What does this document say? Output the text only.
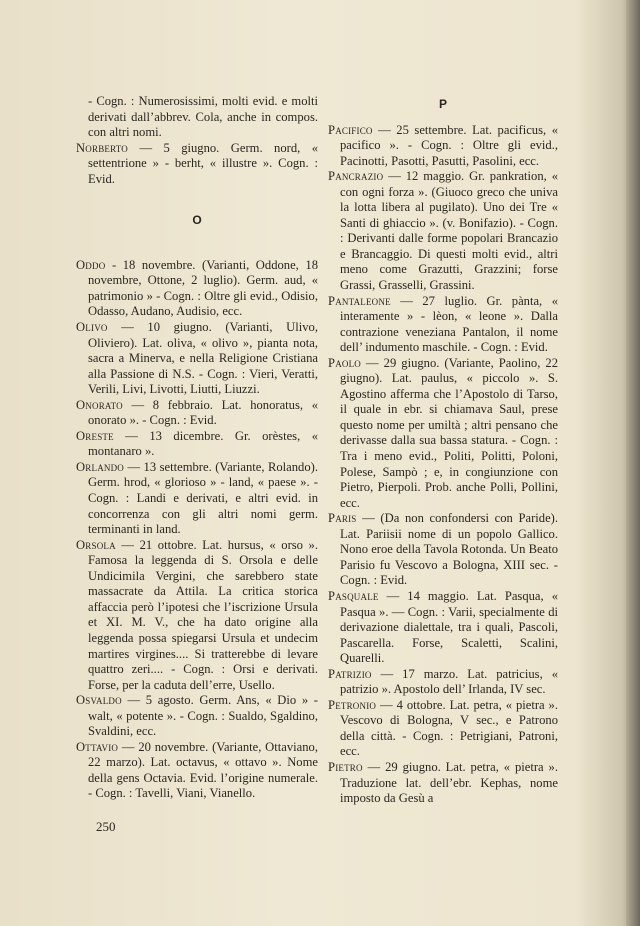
- Cogn. : Numerosissimi, molti evid. e molti derivati dall’abbrev. Cola, anche in compos. con altri nomi.

Norberto — 5 giugno. Germ. nord, « settentrione » - berht, « illustre ». Cogn. : Evid.

O

Oddo - 18 novembre. (Varianti, Oddone, 18 novembre, Ottone, 2 luglio). Germ. aud, « patrimonio » - Cogn. : Oltre gli evid., Odisio, Odasso, Audano, Audisio, ecc.

Olivo — 10 giugno. (Varianti, Ulivo, Oliviero). Lat. oliva, « olivo », pianta nota, sacra a Minerva, e nella Religione Cristiana alla Passione di N.S. - Cogn. : Vieri, Veratti, Verili, Livi, Livotti, Liutti, Liuzzi.

Onorato — 8 febbraio. Lat. honoratus, « onorato ». - Cogn. : Evid.

Oreste — 13 dicembre. Gr. orèstes, « montanaro ».

Orlando — 13 settembre. (Variante, Rolando). Germ. hrod, « glorioso » - land, « paese ». - Cogn. : Landi e derivati, e altri evid. in concorrenza con gli altri nomi germ. terminanti in land.

Orsola — 21 ottobre. Lat. hursus, « orso ». Famosa la leggenda di S. Orsola e delle Undicimila Vergini, che sarebbero state massacrate da Attila. La critica storica affaccia però l’ipotesi che l’iscrizione Ursula et XI. M. V., che ha dato origine alla leggenda possa spiegarsi Ursula et undecim martires virgines.... Si tratterebbe di levare quattro zeri.... - Cogn. : Orsi e derivati. Forse, per la caduta dell’erre, Usello.

Osvaldo — 5 agosto. Germ. Ans, « Dio » - walt, « potente ». - Cogn. : Sualdo, Sgaldino, Svaldini, ecc.

Ottavio — 20 novembre. (Variante, Ottaviano, 22 marzo). Lat. octavus, « ottavo ». Nome della gens Octavia. Evid. l’origine numerale. - Cogn. : Tavelli, Viani, Vianello.

P

Pacifico — 25 settembre. Lat. pacificus, « pacifico ». - Cogn. : Oltre gli evid., Pacinotti, Pasotti, Pasutti, Pasolini, ecc.

Pancrazio — 12 maggio. Gr. pankration, « con ogni forza ». (Giuoco greco che univa la lotta libera al pugilato). Uno dei Tre « Santi di ghiaccio ». (v. Bonifazio). - Cogn. : Derivanti dalle forme popolari Brancazio e Brancaggio. Di questi molti evid., altri meno come Grazutti, Grazzini; forse Grassi, Grasselli, Grassini.

Pantaleone — 27 luglio. Gr. pànta, « interamente » - lèon, « leone ». Dalla contrazione veneziana Pantalon, il nome dell’ indumento maschile. - Cogn. : Evid.

Paolo — 29 giugno. (Variante, Paolino, 22 giugno). Lat. paulus, « piccolo ». S. Agostino afferma che l’Apostolo di Tarso, il quale in ebr. si chiamava Saul, prese questo nome per umiltà ; altri pensano che derivasse dalla sua bassa statura. - Cogn. : Tra i meno evid., Politi, Politti, Poloni, Polese, Sampò ; e, in congiunzione con Pietro, Pierpoli. Prob. anche Polli, Pollini, ecc.

Paris — (Da non confondersi con Paride). Lat. Pariisii nome di un popolo Gallico. Nono eroe della Tavola Rotonda. Un Beato Parisio fu Vescovo a Bologna, XIII sec. - Cogn. : Evid.

Pasquale — 14 maggio. Lat. Pasqua, « Pasqua ». — Cogn. : Varii, specialmente di derivazione dialettale, tra i quali, Pascoli, Pascarella. Forse, Scaletti, Scalini, Quarelli.

Patrizio — 17 marzo. Lat. patricius, « patrizio ». Apostolo dell’ Irlanda, IV sec.

Petronio — 4 ottobre. Lat. petra, « pietra ». Vescovo di Bologna, V sec., e Patrono della città. - Cogn. : Petrigiani, Patroni, ecc.

Pietro — 29 giugno. Lat. petra, « pietra ». Traduzione lat. dell’ebr. Kephas, nome imposto da Gesù a

250
